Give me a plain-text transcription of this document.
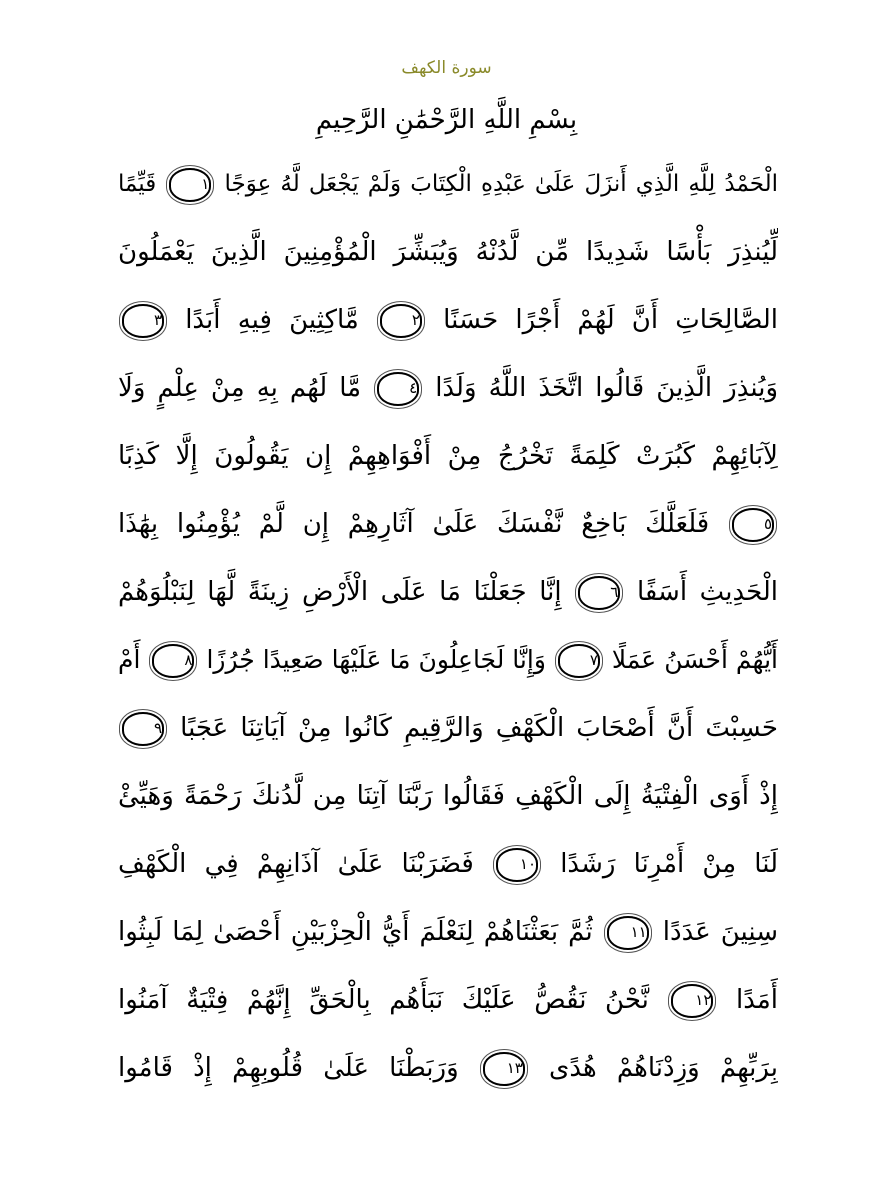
سورة الكهف
بِسْمِ اللَّهِ الرَّحْمَٰنِ الرَّحِيمِ
الْحَمْدُ لِلَّهِ الَّذِي أَنزَلَ عَلَىٰ عَبْدِهِ الْكِتَابَ وَلَمْ يَجْعَل لَّهُ عِوَجًا ١ قَيِّمًا
لِّيُنذِرَ بَأْسًا شَدِيدًا مِّن لَّدُنْهُ وَيُبَشِّرَ الْمُؤْمِنِينَ الَّذِينَ يَعْمَلُونَ
الصَّالِحَاتِ أَنَّ لَهُمْ أَجْرًا حَسَنًا ٢ مَّاكِثِينَ فِيهِ أَبَدًا ٣
وَيُنذِرَ الَّذِينَ قَالُوا اتَّخَذَ اللَّهُ وَلَدًا ٤ مَّا لَهُم بِهِ مِنْ عِلْمٍ وَلَا
لِآبَائِهِمْ كَبُرَتْ كَلِمَةً تَخْرُجُ مِنْ أَفْوَاهِهِمْ إِن يَقُولُونَ إِلَّا كَذِبًا
٥ فَلَعَلَّكَ بَاخِعٌ نَّفْسَكَ عَلَىٰ آثَارِهِمْ إِن لَّمْ يُؤْمِنُوا بِهَٰذَا
الْحَدِيثِ أَسَفًا ٦ إِنَّا جَعَلْنَا مَا عَلَى الْأَرْضِ زِينَةً لَّهَا لِنَبْلُوَهُمْ
أَيُّهُمْ أَحْسَنُ عَمَلًا ٧ وَإِنَّا لَجَاعِلُونَ مَا عَلَيْهَا صَعِيدًا جُرُزًا ٨ أَمْ
حَسِبْتَ أَنَّ أَصْحَابَ الْكَهْفِ وَالرَّقِيمِ كَانُوا مِنْ آيَاتِنَا عَجَبًا ٩
إِذْ أَوَى الْفِتْيَةُ إِلَى الْكَهْفِ فَقَالُوا رَبَّنَا آتِنَا مِن لَّدُنكَ رَحْمَةً وَهَيِّئْ
لَنَا مِنْ أَمْرِنَا رَشَدًا ١٠ فَضَرَبْنَا عَلَىٰ آذَانِهِمْ فِي الْكَهْفِ
سِنِينَ عَدَدًا ١١ ثُمَّ بَعَثْنَاهُمْ لِنَعْلَمَ أَيُّ الْحِزْبَيْنِ أَحْصَىٰ لِمَا لَبِثُوا
أَمَدًا ١٢ نَّحْنُ نَقُصُّ عَلَيْكَ نَبَأَهُم بِالْحَقِّ إِنَّهُمْ فِتْيَةٌ آمَنُوا
بِرَبِّهِمْ وَزِدْنَاهُمْ هُدًى ١٣ وَرَبَطْنَا عَلَىٰ قُلُوبِهِمْ إِذْ قَامُوا
